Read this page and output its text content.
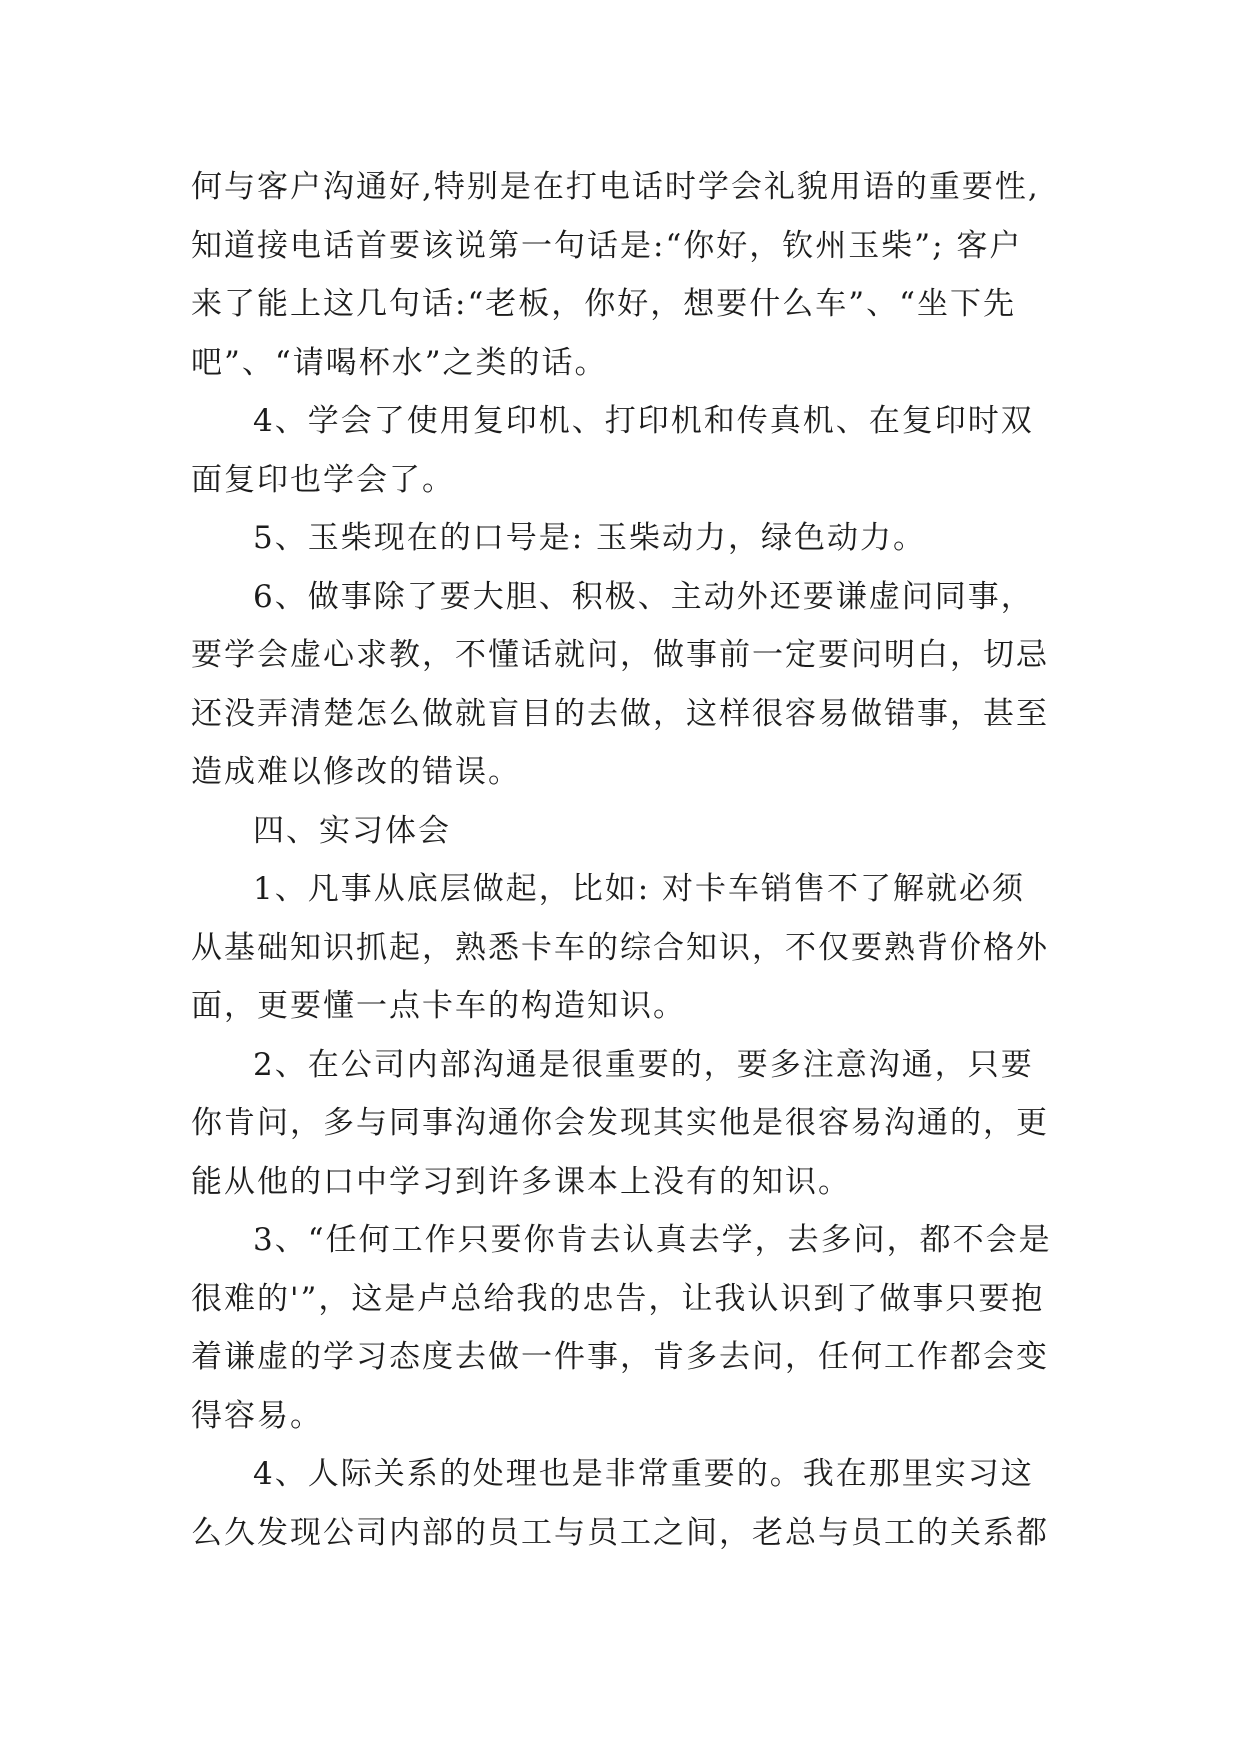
何与客户沟通好,特别是在打电话时学会礼貌用语的重要性,
知道接电话首要该说第一句话是:“你好，钦州玉柴”; 客户
来了能上这几句话:“老板，你好，想要什么车”、“坐下先
吧”、“请喝杯水”之类的话。
4、学会了使用复印机、打印机和传真机、在复印时双
面复印也学会了。
5、玉柴现在的口号是: 玉柴动力，绿色动力。
6、做事除了要大胆、积极、主动外还要谦虚问同事，
要学会虚心求教，不懂话就问，做事前一定要问明白，切忌
还没弄清楚怎么做就盲目的去做，这样很容易做错事，甚至
造成难以修改的错误。
四、实习体会
1、凡事从底层做起，比如: 对卡车销售不了解就必须
从基础知识抓起，熟悉卡车的综合知识，不仅要熟背价格外
面，更要懂一点卡车的构造知识。
2、在公司内部沟通是很重要的，要多注意沟通，只要
你肯问，多与同事沟通你会发现其实他是很容易沟通的，更
能从他的口中学习到许多课本上没有的知识。
3、“任何工作只要你肯去认真去学，去多问，都不会是
很难的'”，这是卢总给我的忠告，让我认识到了做事只要抱
着谦虚的学习态度去做一件事，肯多去问，任何工作都会变
得容易。
4、人际关系的处理也是非常重要的。我在那里实习这
么久发现公司内部的员工与员工之间，老总与员工的关系都
